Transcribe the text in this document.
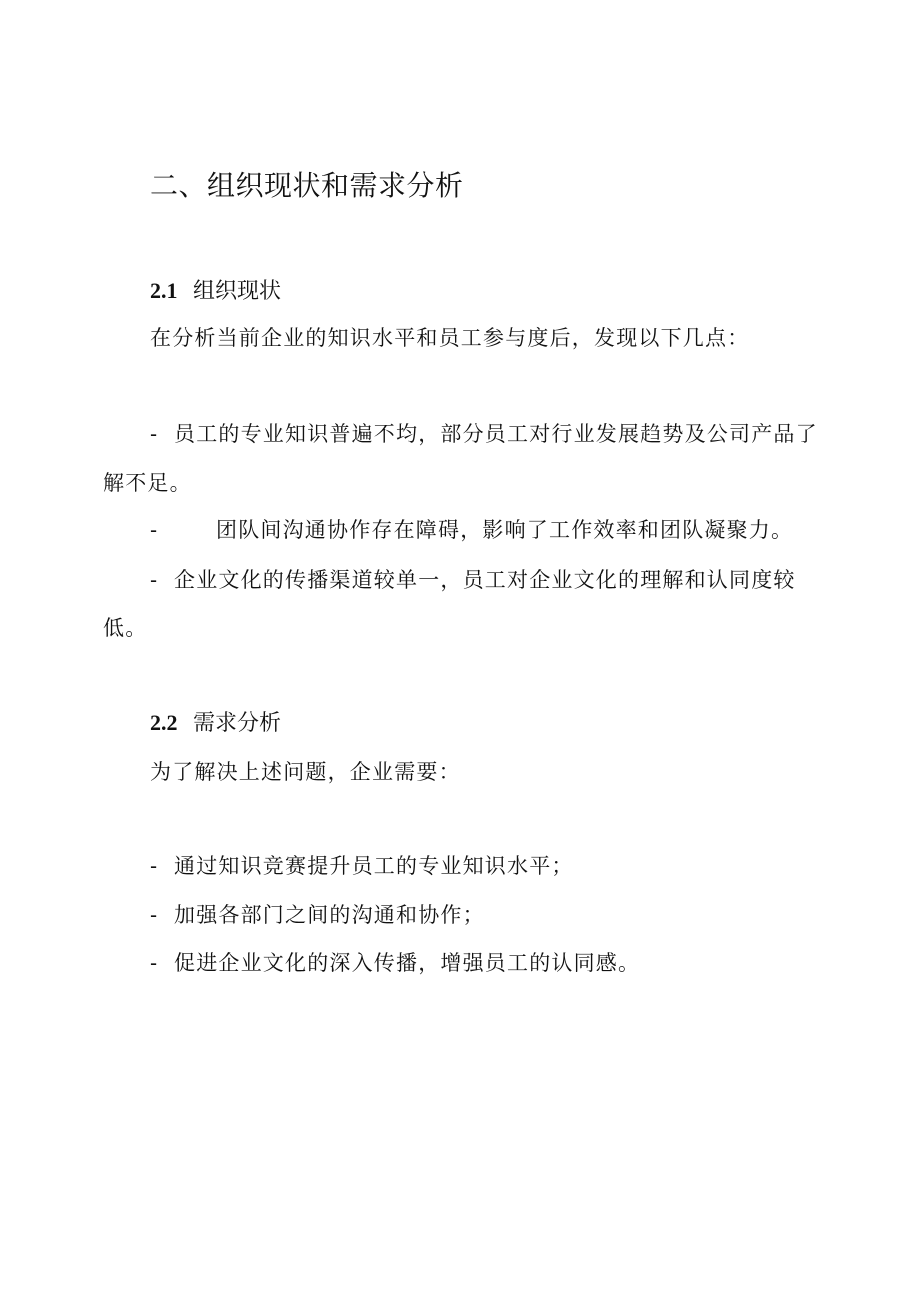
二、组织现状和需求分析
2.1 组织现状
在分析当前企业的知识水平和员工参与度后，发现以下几点：
- 员工的专业知识普遍不均，部分员工对行业发展趋势及公司产品了
解不足。
-	团队间沟通协作存在障碍，影响了工作效率和团队凝聚力。
- 企业文化的传播渠道较单一，员工对企业文化的理解和认同度较
低。
2.2 需求分析
为了解决上述问题，企业需要：
- 通过知识竞赛提升员工的专业知识水平；
- 加强各部门之间的沟通和协作；
- 促进企业文化的深入传播，增强员工的认同感。
